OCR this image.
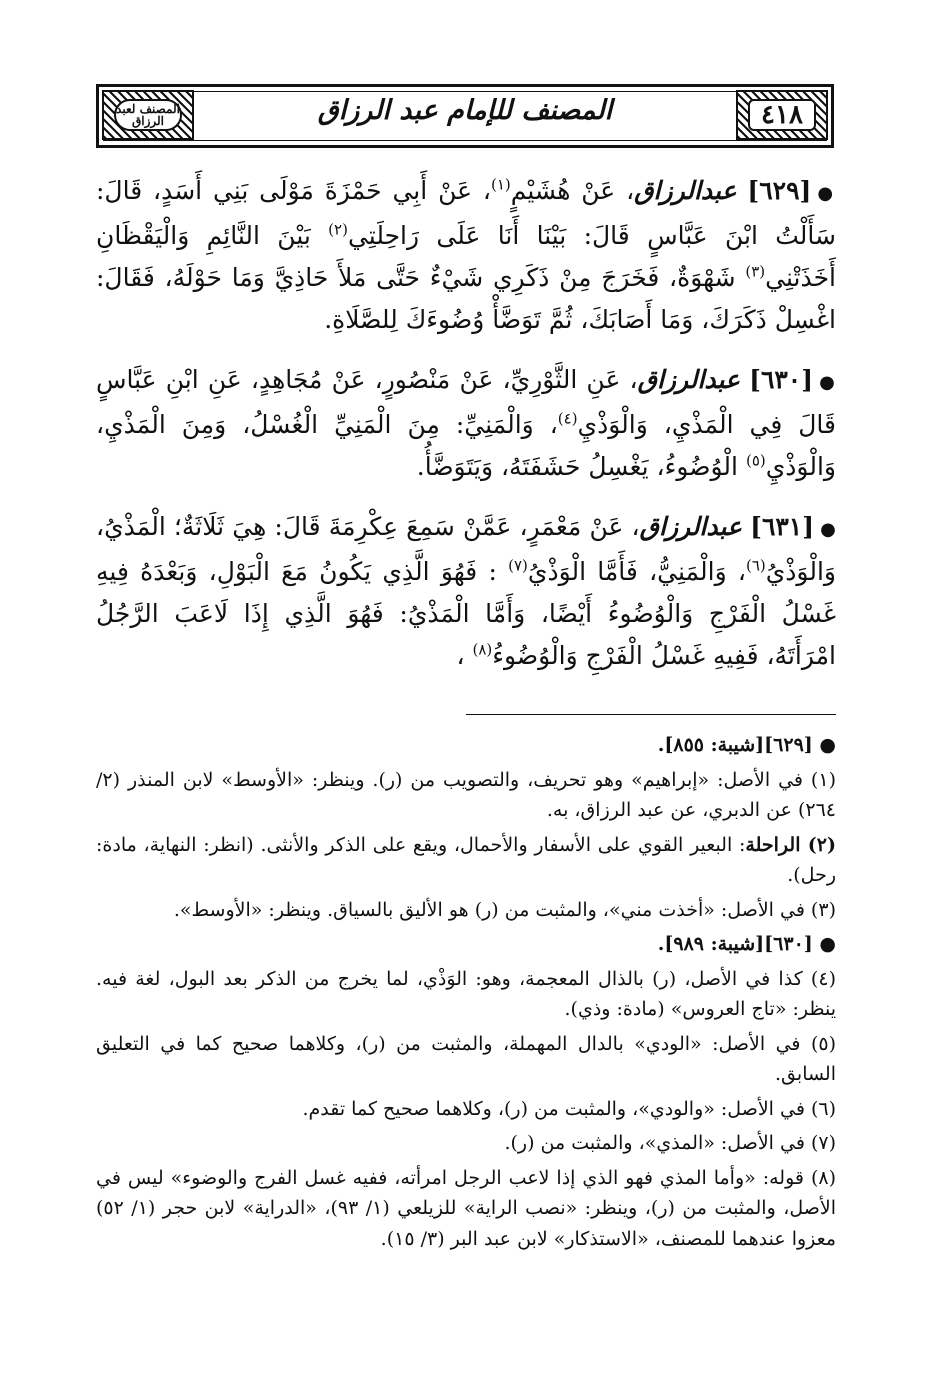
٤١٨
المصنف للإمام عبد الرزاق
المصنف لعبد الرزاق

●[٦٢٩] عبدالرزاق، عَنْ هُشَيْمٍ$^{(١)}$، عَنْ أَبِي حَمْزَةَ مَوْلَى بَنِي أَسَدٍ، قَالَ: سَأَلْتُ ابْنَ عَبَّاسٍ قَالَ: بَيْنَا أَنَا عَلَى رَاحِلَتِي$^{(٢)}$ بَيْنَ النَّائِمِ وَالْيَقْظَانِ أَخَذَتْنِي$^{(٣)}$ شَهْوَةٌ، فَخَرَجَ مِنْ ذَكَرِي شَيْءٌ حَتَّى مَلأَ حَاذِيَّ وَمَا حَوْلَهُ، فَقَالَ: اغْسِلْ ذَكَرَكَ، وَمَا أَصَابَكَ، ثُمَّ تَوَضَّأْ وُضُوءَكَ لِلصَّلَاةِ.

●[٦٣٠] عبدالرزاق، عَنِ الثَّوْرِيِّ، عَنْ مَنْصُورٍ، عَنْ مُجَاهِدٍ، عَنِ ابْنِ عَبَّاسٍ قَالَ فِي الْمَذْيِ، وَالْوَذْيِ$^{(٤)}$، وَالْمَنِيِّ: مِنَ الْمَنِيِّ الْغُسْلُ، وَمِنَ الْمَذْيِ، وَالْوَذْيِ$^{(٥)}$ الْوُضُوءُ، يَغْسِلُ حَشَفَتَهُ، وَيَتَوَضَّأُ.

●[٦٣١] عبدالرزاق، عَنْ مَعْمَرٍ، عَمَّنْ سَمِعَ عِكْرِمَةَ قَالَ: هِيَ ثَلَاثَةٌ؛ الْمَذْيُ، وَالْوَذْيُ$^{(٦)}$، وَالْمَنِيُّ، فَأَمَّا الْوَذْيُ$^{(٧)}$ : فَهُوَ الَّذِي يَكُونُ مَعَ الْبَوْلِ، وَبَعْدَهُ فِيهِ غَسْلُ الْفَرْجِ وَالْوُضُوءُ أَيْضًا، وَأَمَّا الْمَذْيُ: فَهُوَ الَّذِي إِذَا لَاعَبَ الرَّجُلُ امْرَأَتَهُ، فَفِيهِ غَسْلُ الْفَرْجِ وَالْوُضُوءُ$^{(٨)}$ ،

● [٦٢٩][شيبة: ٨٥٥].
(١) في الأصل: «إبراهيم» وهو تحريف، والتصويب من (ر). وينظر: «الأوسط» لابن المنذر (٢/ ٢٦٤) عن الدبري، عن عبد الرزاق، به.
(٢) الراحلة: البعير القوي على الأسفار والأحمال، ويقع على الذكر والأنثى. (انظر: النهاية، مادة: رحل).
(٣) في الأصل: «أخذت مني»، والمثبت من (ر) هو الأليق بالسياق. وينظر: «الأوسط».
● [٦٣٠][شيبة: ٩٨٩].
(٤) كذا في الأصل، (ر) بالذال المعجمة، وهو: الوَذْي، لما يخرج من الذكر بعد البول، لغة فيه. ينظر: «تاج العروس» (مادة: وذي).
(٥) في الأصل: «الودي» بالدال المهملة، والمثبت من (ر)، وكلاهما صحيح كما في التعليق السابق.
(٦) في الأصل: «والودي»، والمثبت من (ر)، وكلاهما صحيح كما تقدم.
(٧) في الأصل: «المذي»، والمثبت من (ر).
(٨) قوله: «وأما المذي فهو الذي إذا لاعب الرجل امرأته، ففيه غسل الفرج والوضوء» ليس في الأصل، والمثبت من (ر)، وينظر: «نصب الراية» للزيلعي (١/ ٩٣)، «الدراية» لابن حجر (١/ ٥٢) معزوا عندهما للمصنف، «الاستذكار» لابن عبد البر (٣/ ١٥).
